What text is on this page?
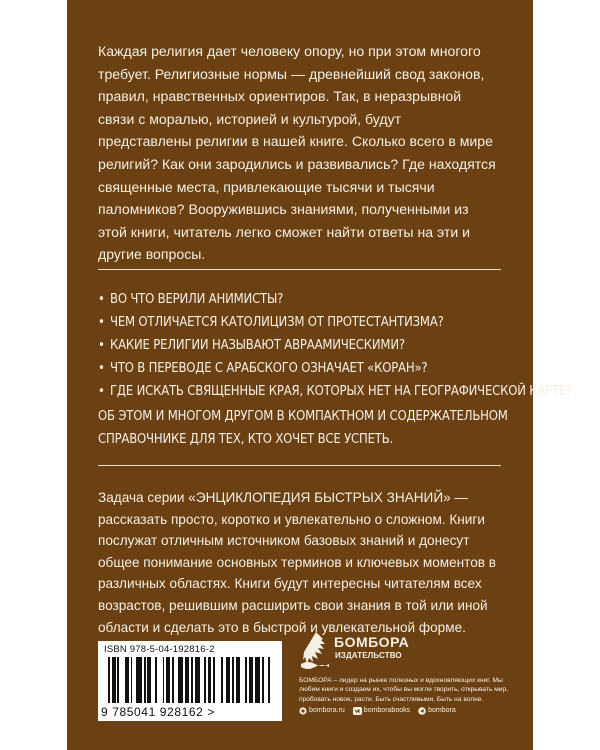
Каждая религия дает человеку опору, но при этом многого требует. Религиозные нормы — древнейший свод законов, правил, нравственных ориентиров. Так, в неразрывной связи с моралью, историей и культурой, будут представлены религии в нашей книге. Сколько всего в мире религий? Как они зародились и развивались? Где находятся священные места, привлекающие тысячи и тысячи паломников? Вооружившись знаниями, полученными из этой книги, читатель легко сможет найти ответы на эти и другие вопросы.

• ВО ЧТО ВЕРИЛИ АНИМИСТЫ?
• ЧЕМ ОТЛИЧАЕТСЯ КАТОЛИЦИЗМ ОТ ПРОТЕСТАНТИЗМА?
• КАКИЕ РЕЛИГИИ НАЗЫВАЮТ АВРААМИЧЕСКИМИ?
• ЧТО В ПЕРЕВОДЕ С АРАБСКОГО ОЗНАЧАЕТ «КОРАН»?
• ГДЕ ИСКАТЬ СВЯЩЕННЫЕ КРАЯ, КОТОРЫХ НЕТ НА ГЕОГРАФИЧЕСКОЙ КАРТЕ?

ОБ ЭТОМ И МНОГОМ ДРУГОМ В КОМПАКТНОМ И СОДЕРЖАТЕЛЬНОМ СПРАВОЧНИКЕ ДЛЯ ТЕХ, КТО ХОЧЕТ ВСЕ УСПЕТЬ.

Задача серии «ЭНЦИКЛОПЕДИЯ БЫСТРЫХ ЗНАНИЙ» — рассказать просто, коротко и увлекательно о сложном. Книги послужат отличным источником базовых знаний и донесут общее понимание основных терминов и ключевых моментов в различных областях. Книги будут интересны читателям всех возрастов, решившим расширить свои знания в той или иной области и сделать это в быстрой и увлекательной форме.

ISBN 978-5-04-192816-2
9 785041 928162 >
БОМБОРА
ИЗДАТЕЛЬСТВО

БОМБОРА – лидер на рынке полезных и вдохновляющих книг. Мы любим книги и создаем их, чтобы вы могли творить, открывать мир, пробовать новое, расти. Быть счастливыми. Быть на волне.

bombora.ru	bomborabooks	bombora
